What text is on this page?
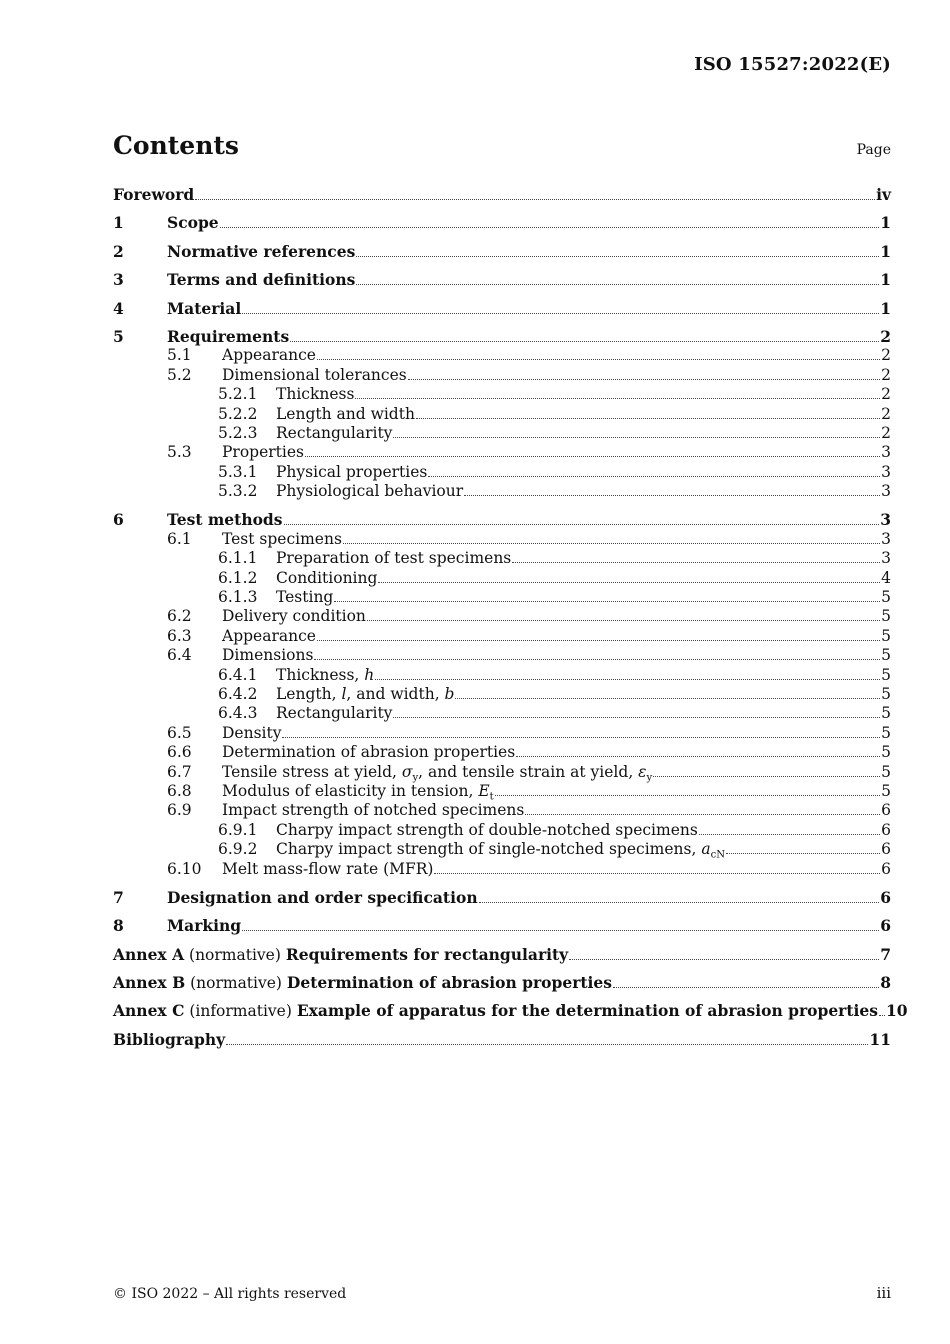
ISO 15527:2022(E)
Contents	Page
Foreword	iv
1	Scope	1
2	Normative references	1
3	Terms and definitions	1
4	Material	1
5	Requirements	2
5.1	Appearance	2
5.2	Dimensional tolerances	2
5.2.1	Thickness	2
5.2.2	Length and width	2
5.2.3	Rectangularity	2
5.3	Properties	3
5.3.1	Physical properties	3
5.3.2	Physiological behaviour	3
6	Test methods	3
6.1	Test specimens	3
6.1.1	Preparation of test specimens	3
6.1.2	Conditioning	4
6.1.3	Testing	5
6.2	Delivery condition	5
6.3	Appearance	5
6.4	Dimensions	5
6.4.1	Thickness, h	5
6.4.2	Length, l, and width, b	5
6.4.3	Rectangularity	5
6.5	Density	5
6.6	Determination of abrasion properties	5
6.7	Tensile stress at yield, $\sigma_y$, and tensile strain at yield, $\varepsilon_y$	5
6.8	Modulus of elasticity in tension, $E_t$	5
6.9	Impact strength of notched specimens	6
6.9.1	Charpy impact strength of double-notched specimens	6
6.9.2	Charpy impact strength of single-notched specimens, $a_{cN}$	6
6.10	Melt mass-flow rate (MFR)	6
7	Designation and order specification	6
8	Marking	6
Annex A (normative) Requirements for rectangularity	7
Annex B (normative) Determination of abrasion properties	8
Annex C (informative) Example of apparatus for the determination of abrasion properties 10
Bibliography	11
© ISO 2022 – All rights reserved	iii
